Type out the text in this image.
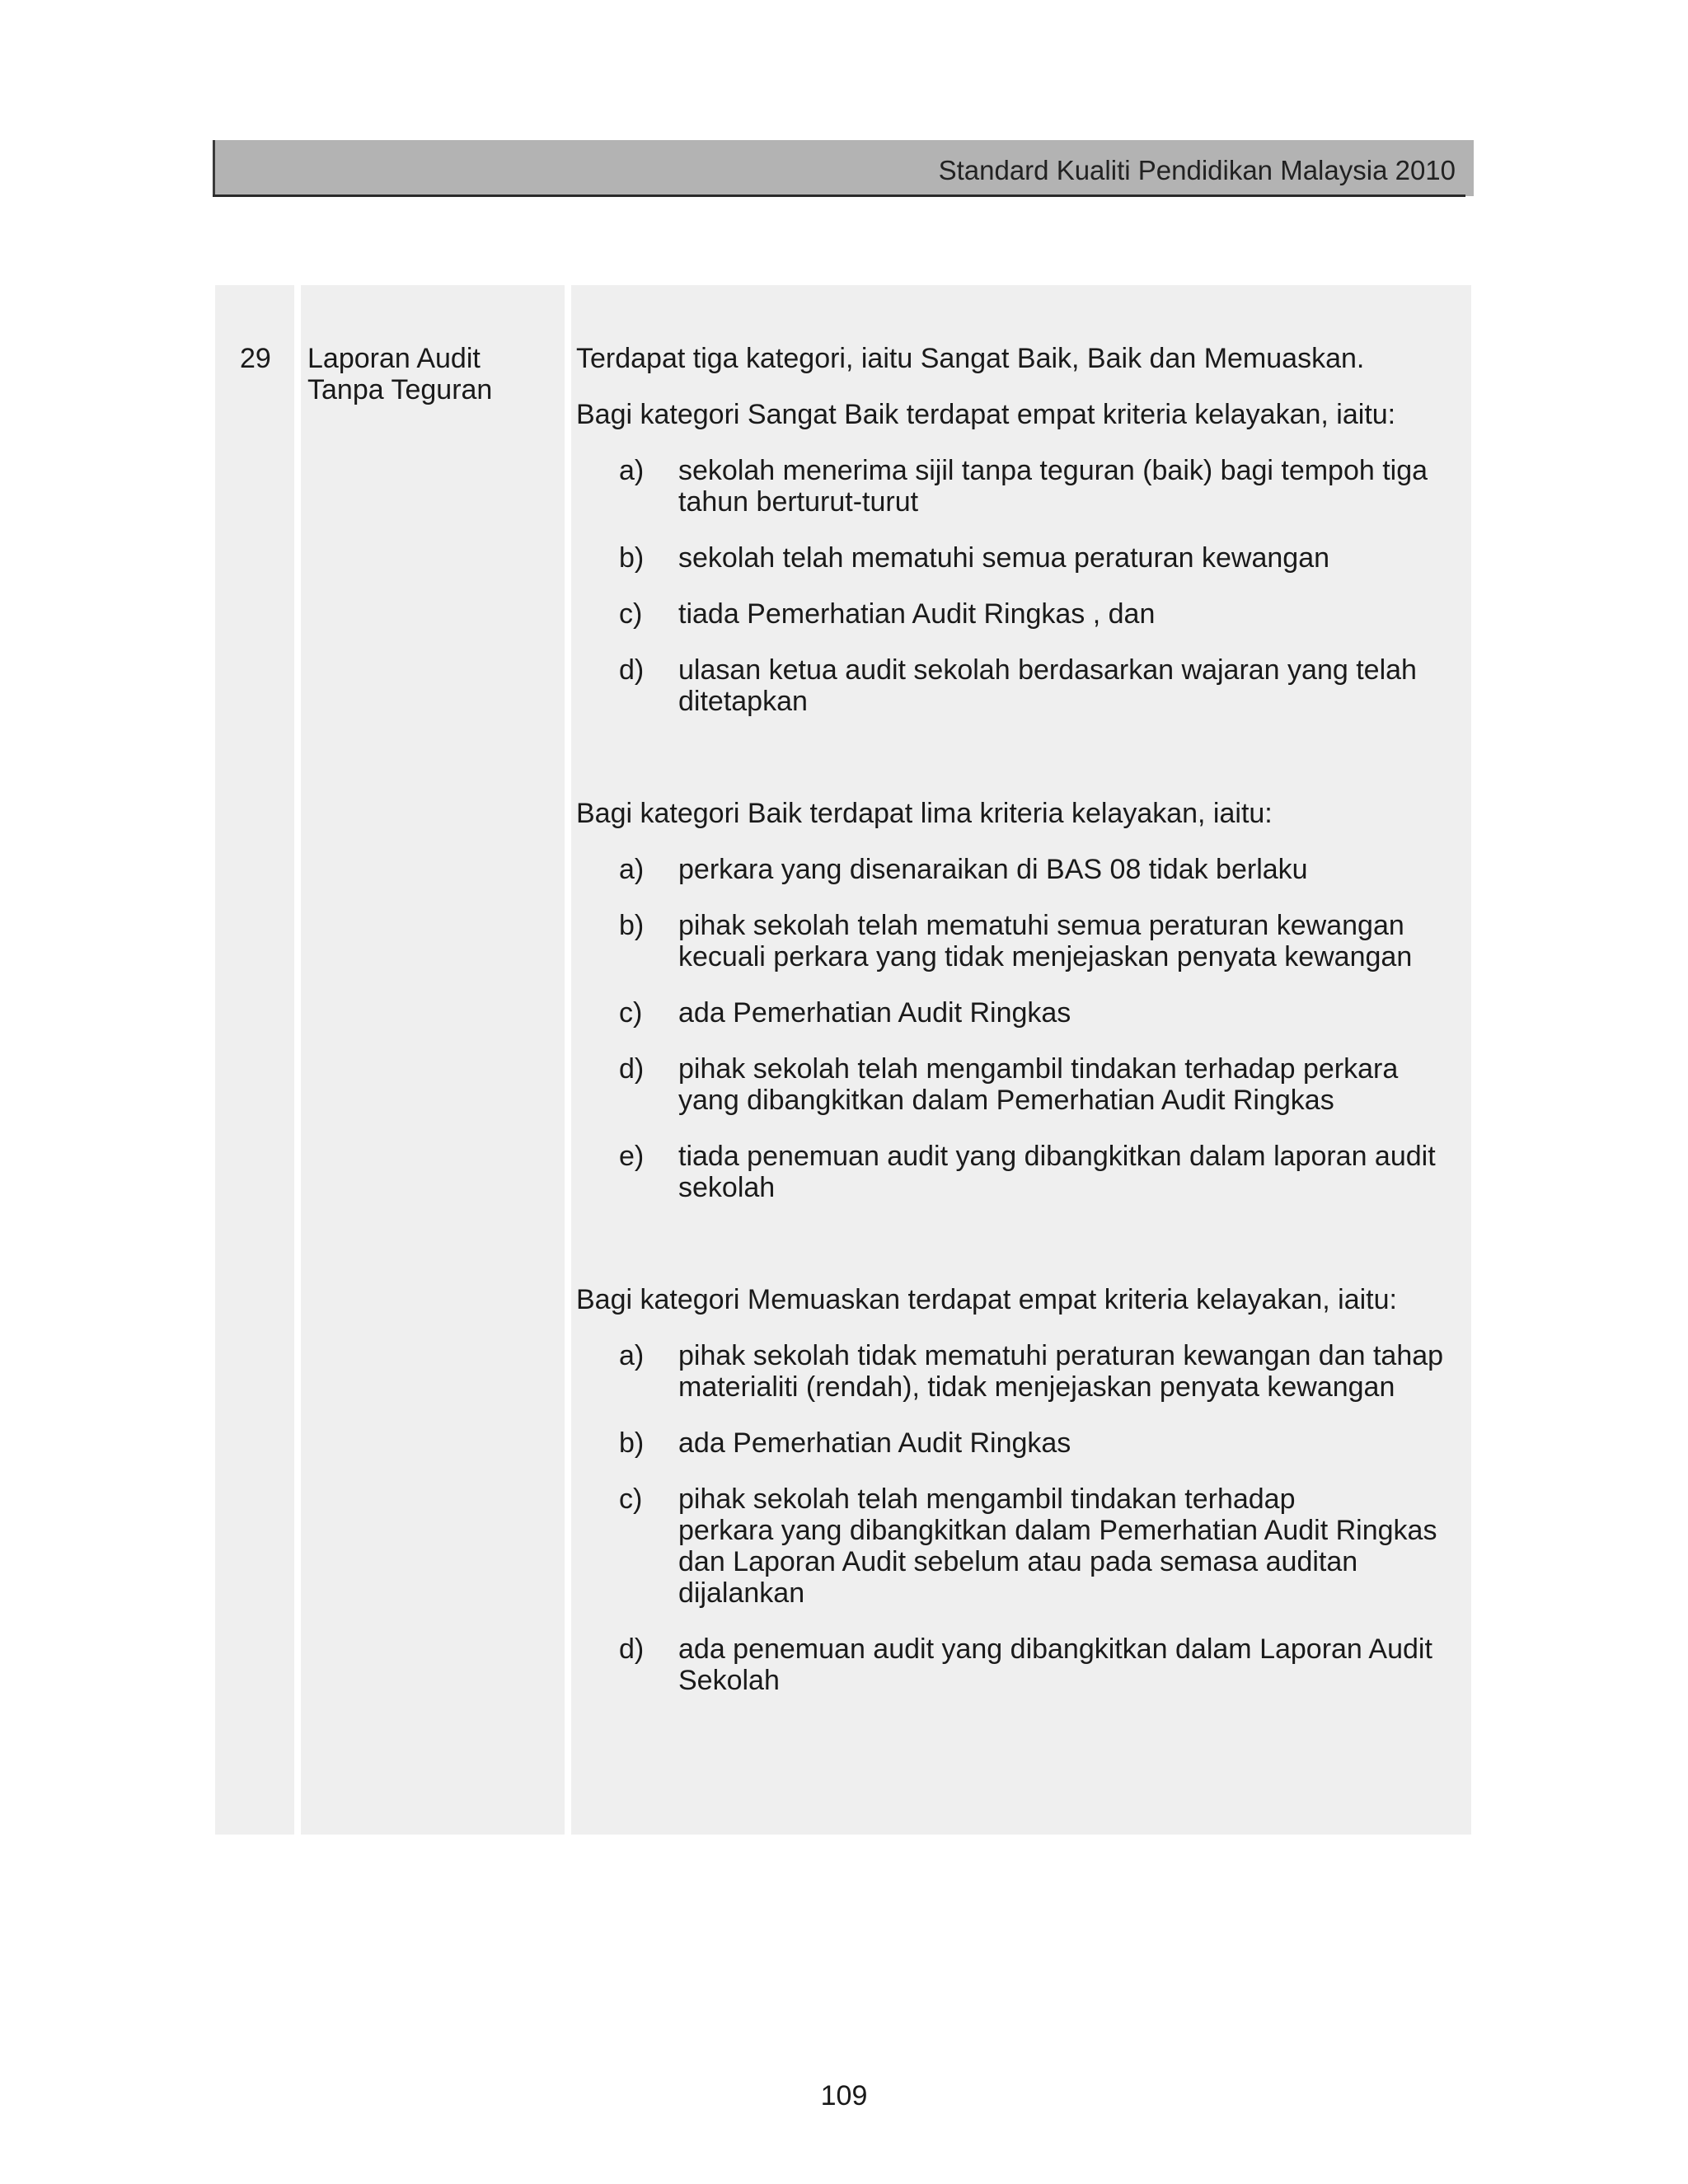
Standard Kualiti Pendidikan Malaysia 2010
29 Laporan Audit Tanpa Teguran

Terdapat tiga kategori, iaitu Sangat Baik, Baik dan Memuaskan.

Bagi kategori Sangat Baik terdapat empat kriteria kelayakan, iaitu:

a) sekolah menerima sijil tanpa teguran (baik) bagi tempoh tiga
tahun berturut-turut
b) sekolah telah mematuhi semua peraturan kewangan
c) tiada Pemerhatian Audit Ringkas , dan
d) ulasan ketua audit sekolah berdasarkan wajaran yang telah
ditetapkan

Bagi kategori Baik terdapat lima kriteria kelayakan, iaitu:

a) perkara yang disenaraikan di BAS 08 tidak berlaku
b) pihak sekolah telah mematuhi semua peraturan kewangan
kecuali perkara yang tidak menjejaskan penyata kewangan
c) ada Pemerhatian Audit Ringkas
d) pihak sekolah telah mengambil tindakan terhadap perkara
yang dibangkitkan dalam Pemerhatian Audit Ringkas
e) tiada penemuan audit yang dibangkitkan dalam laporan audit
sekolah

Bagi kategori Memuaskan terdapat empat kriteria kelayakan, iaitu:

a) pihak sekolah tidak mematuhi peraturan kewangan dan tahap
materialiti (rendah), tidak menjejaskan penyata kewangan
b) ada Pemerhatian Audit Ringkas
c) pihak sekolah telah mengambil tindakan terhadap
perkara yang dibangkitkan dalam Pemerhatian Audit Ringkas
dan Laporan Audit sebelum atau pada semasa auditan
dijalankan
d) ada penemuan audit yang dibangkitkan dalam Laporan Audit
Sekolah
109
